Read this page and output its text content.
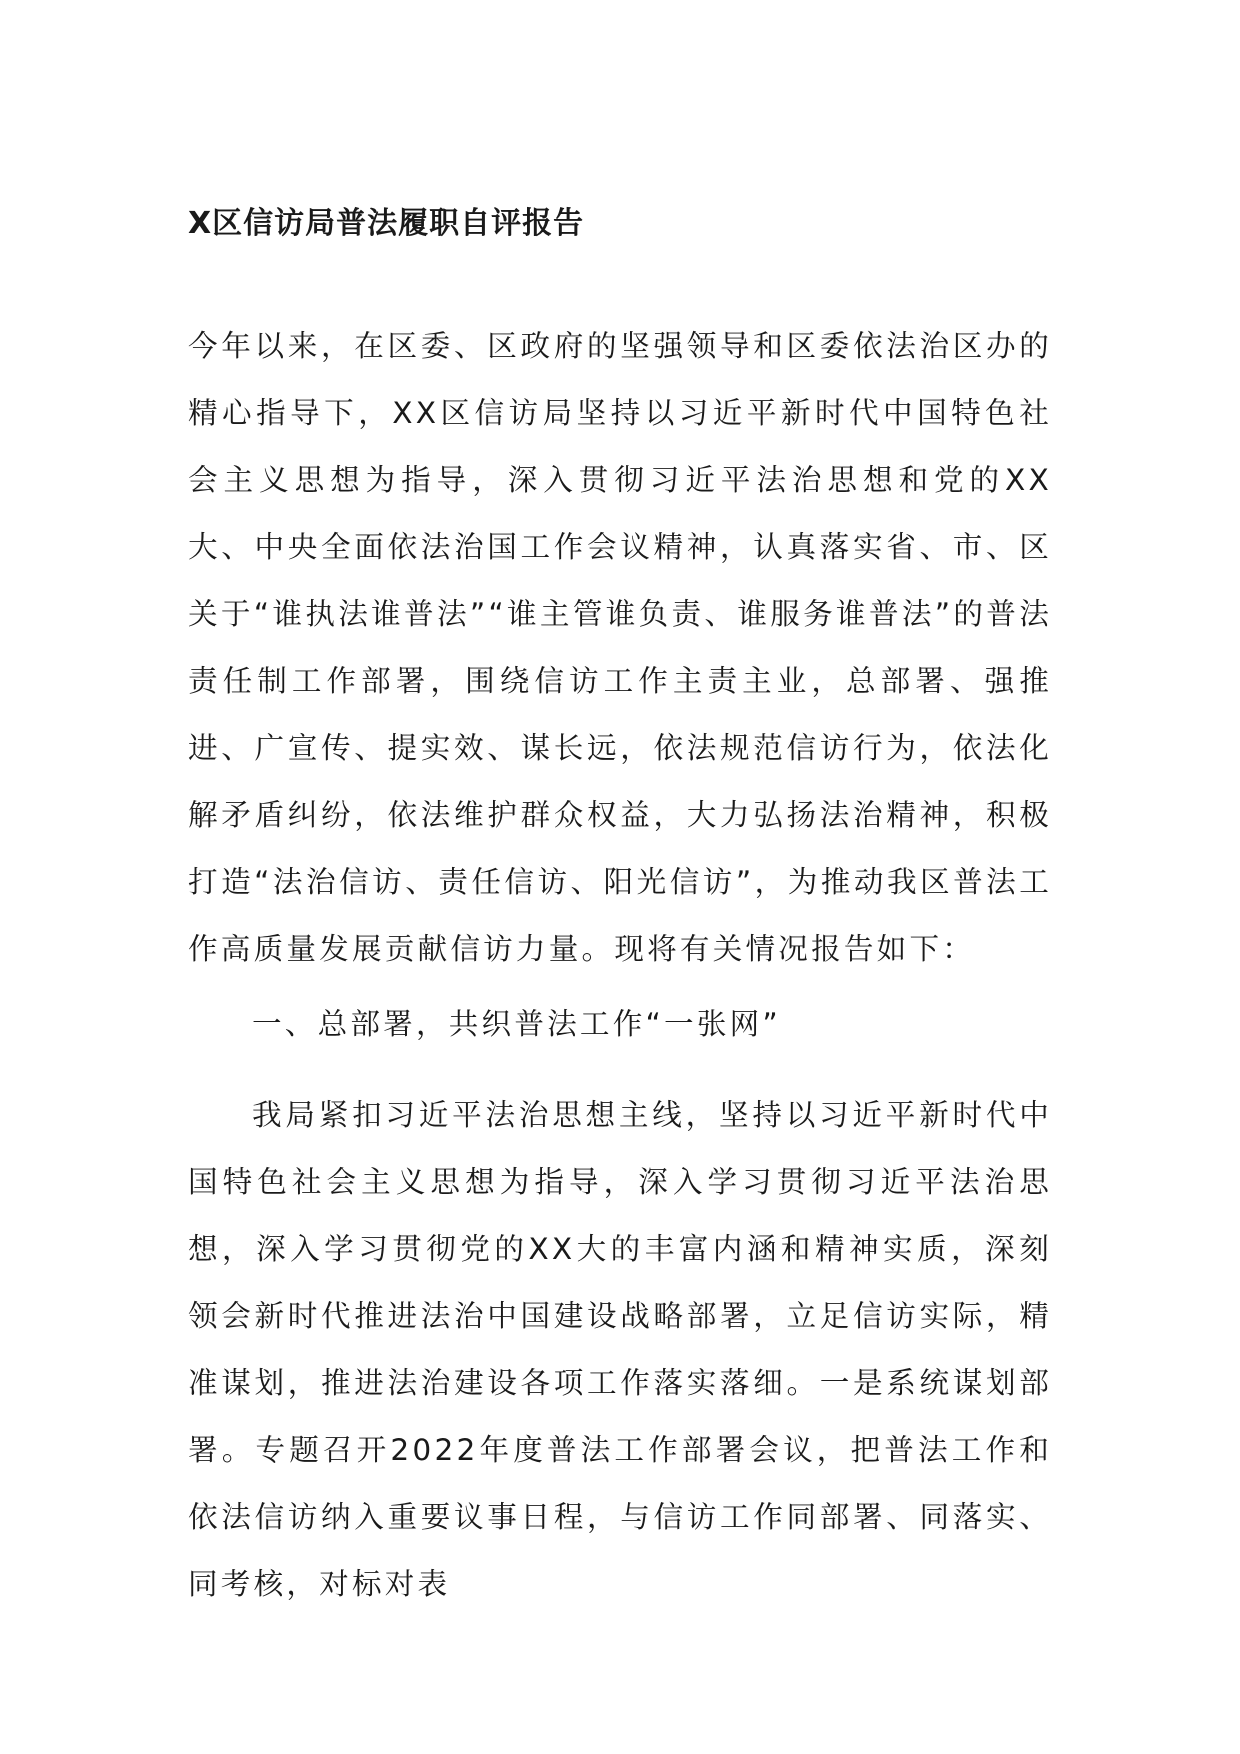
X区信访局普法履职自评报告

今年以来，在区委、区政府的坚强领导和区委依法治区办的精心指导下，XX区信访局坚持以习近平新时代中国特色社会主义思想为指导，深入贯彻习近平法治思想和党的XX大、中央全面依法治国工作会议精神，认真落实省、市、区关于“谁执法谁普法”“谁主管谁负责、谁服务谁普法”的普法责任制工作部署，围绕信访工作主责主业，总部署、强推进、广宣传、提实效、谋长远，依法规范信访行为，依法化解矛盾纠纷，依法维护群众权益，大力弘扬法治精神，积极打造“法治信访、责任信访、阳光信访”，为推动我区普法工作高质量发展贡献信访力量。现将有关情况报告如下：

一、总部署，共织普法工作“一张网”

我局紧扣习近平法治思想主线，坚持以习近平新时代中国特色社会主义思想为指导，深入学习贯彻习近平法治思想，深入学习贯彻党的XX大的丰富内涵和精神实质，深刻领会新时代推进法治中国建设战略部署，立足信访实际，精准谋划，推进法治建设各项工作落实落细。一是系统谋划部署。专题召开2022年度普法工作部署会议，把普法工作和依法信访纳入重要议事日程，与信访工作同部署、同落实、同考核，对标对表
